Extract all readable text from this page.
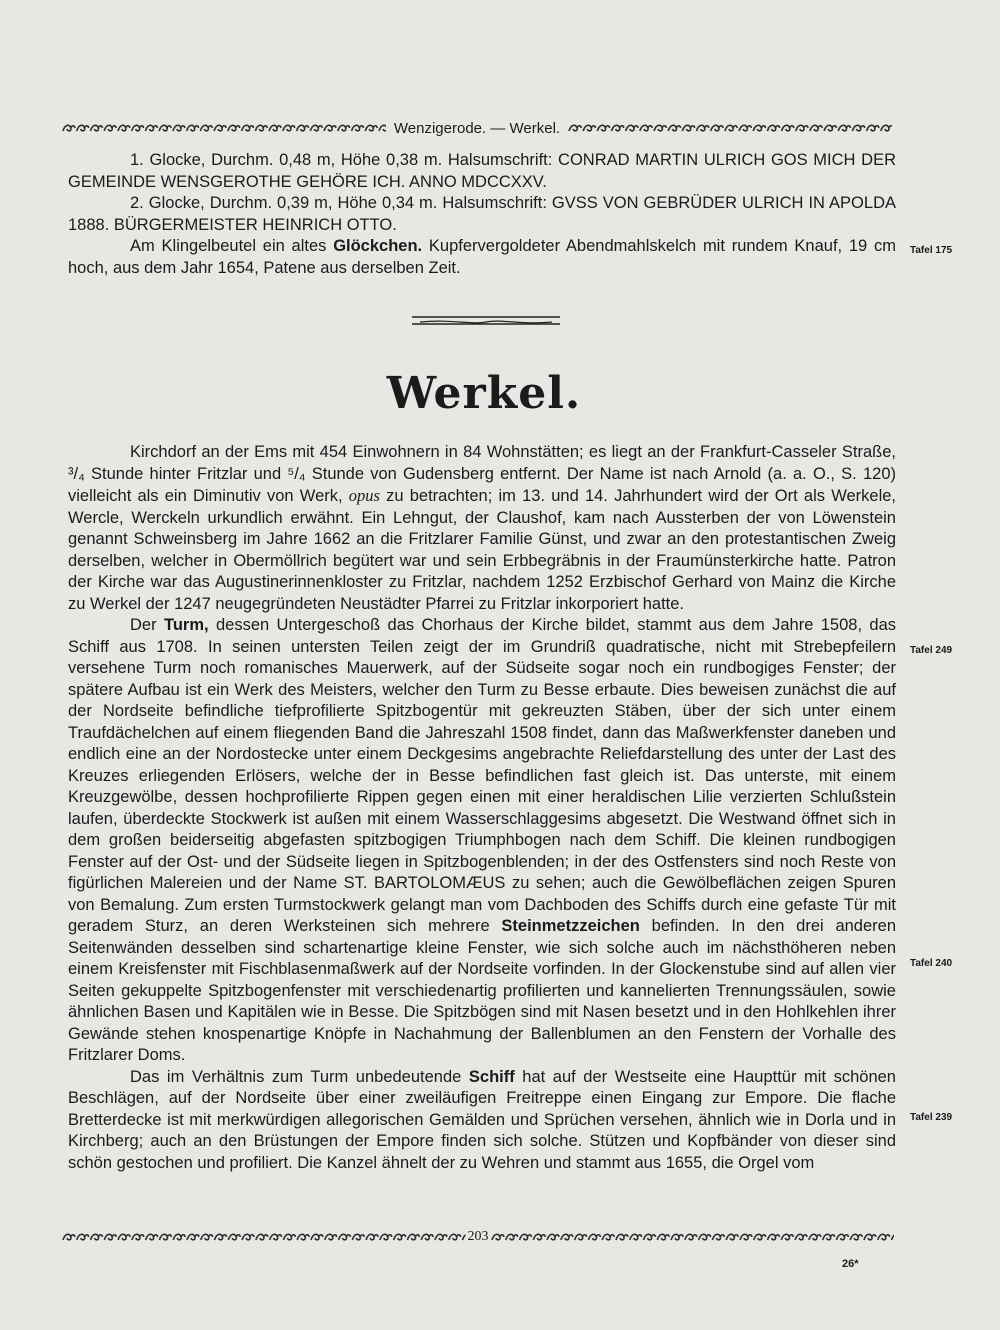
Wenzigerode. — Werkel.

1. Glocke, Durchm. 0,48 m, Höhe 0,38 m. Halsumschrift: CONRAD MARTIN ULRICH GOS MICH DER GEMEINDE WENSGEROTHE GEHÖRE ICH. ANNO MDCCXXV.

2. Glocke, Durchm. 0,39 m, Höhe 0,34 m. Halsumschrift: GVSS VON GEBRÜDER ULRICH IN APOLDA 1888. BÜRGERMEISTER HEINRICH OTTO.

Am Klingelbeutel ein altes Glöckchen. Kupfervergoldeter Abendmahlskelch mit rundem Knauf, 19 cm hoch, aus dem Jahr 1654, Patene aus derselben Zeit.

Tafel 175
Werkel.

Kirchdorf an der Ems mit 454 Einwohnern in 84 Wohnstätten; es liegt an der Frankfurt-Casseler Straße, ³/₄ Stunde hinter Fritzlar und ⁵/₄ Stunde von Gudensberg entfernt. Der Name ist nach Arnold (a. a. O., S. 120) vielleicht als ein Diminutiv von Werk, opus zu betrachten; im 13. und 14. Jahrhundert wird der Ort als Werkele, Wercle, Werckeln urkundlich erwähnt. Ein Lehngut, der Claushof, kam nach Aussterben der von Löwenstein genannt Schweinsberg im Jahre 1662 an die Fritzlarer Familie Günst, und zwar an den protestantischen Zweig derselben, welcher in Obermöllrich begütert war und sein Erbbegräbnis in der Fraumünsterkirche hatte. Patron der Kirche war das Augustinerinnenkloster zu Fritzlar, nachdem 1252 Erzbischof Gerhard von Mainz die Kirche zu Werkel der 1247 neugegründeten Neustädter Pfarrei zu Fritzlar inkorporiert hatte.

Der Turm, dessen Untergeschoß das Chorhaus der Kirche bildet, stammt aus dem Jahre 1508, das Schiff aus 1708. In seinen untersten Teilen zeigt der im Grundriß quadratische, nicht mit Strebepfeilern versehene Turm noch romanisches Mauerwerk, auf der Südseite sogar noch ein rundbogiges Fenster; der spätere Aufbau ist ein Werk des Meisters, welcher den Turm zu Besse erbaute. Dies beweisen zunächst die auf der Nordseite befindliche tiefprofilierte Spitzbogentür mit gekreuzten Stäben, über der sich unter einem Traufdächelchen auf einem fliegenden Band die Jahreszahl 1508 findet, dann das Maßwerkfenster daneben und endlich eine an der Nordostecke unter einem Deckgesims angebrachte Reliefdarstellung des unter der Last des Kreuzes erliegenden Erlösers, welche der in Besse befindlichen fast gleich ist. Das unterste, mit einem Kreuzgewölbe, dessen hochprofilierte Rippen gegen einen mit einer heraldischen Lilie verzierten Schlußstein laufen, überdeckte Stockwerk ist außen mit einem Wasserschlaggesims abgesetzt. Die Westwand öffnet sich in dem großen beiderseitig abgefasten spitzbogigen Triumphbogen nach dem Schiff. Die kleinen rundbogigen Fenster auf der Ost- und der Südseite liegen in Spitzbogenblenden; in der des Ostfensters sind noch Reste von figürlichen Malereien und der Name ST. BARTOLOMÆUS zu sehen; auch die Gewölbeflächen zeigen Spuren von Bemalung. Zum ersten Turmstockwerk gelangt man vom Dachboden des Schiffs durch eine gefaste Tür mit geradem Sturz, an deren Werksteinen sich mehrere Steinmetzzeichen befinden. In den drei anderen Seitenwänden desselben sind schartenartige kleine Fenster, wie sich solche auch im nächsthöheren neben einem Kreisfenster mit Fischblasenmaßwerk auf der Nordseite vorfinden. In der Glockenstube sind auf allen vier Seiten gekuppelte Spitzbogenfenster mit verschiedenartig profilierten und kannelierten Trennungssäulen, sowie ähnlichen Basen und Kapitälen wie in Besse. Die Spitzbögen sind mit Nasen besetzt und in den Hohlkehlen ihrer Gewände stehen knospenartige Knöpfe in Nachahmung der Ballenblumen an den Fenstern der Vorhalle des Fritzlarer Doms.

Das im Verhältnis zum Turm unbedeutende Schiff hat auf der Westseite eine Haupttür mit schönen Beschlägen, auf der Nordseite über einer zweiläufigen Freitreppe einen Eingang zur Empore. Die flache Bretterdecke ist mit merkwürdigen allegorischen Gemälden und Sprüchen versehen, ähnlich wie in Dorla und in Kirchberg; auch an den Brüstungen der Empore finden sich solche. Stützen und Kopfbänder von dieser sind schön gestochen und profiliert. Die Kanzel ähnelt der zu Wehren und stammt aus 1655, die Orgel vom

Tafel 249
Tafel 240
Tafel 239
203
26*
